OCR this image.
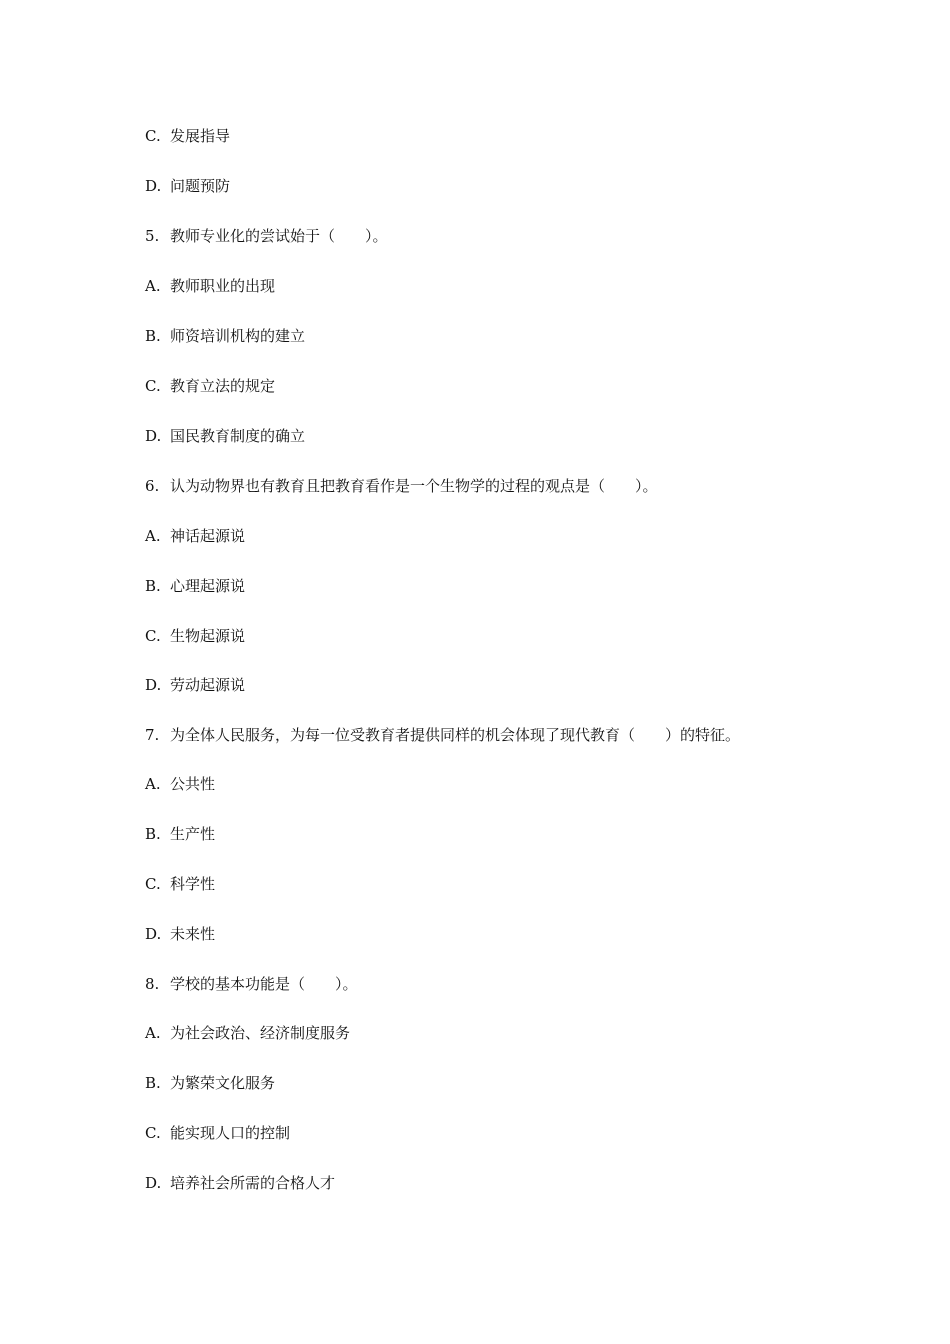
C. 发展指导
D. 问题预防
5. 教师专业化的尝试始于（　　）。
A. 教师职业的出现
B. 师资培训机构的建立
C. 教育立法的规定
D. 国民教育制度的确立
6. 认为动物界也有教育且把教育看作是一个生物学的过程的观点是（　　）。
A. 神话起源说
B. 心理起源说
C. 生物起源说
D. 劳动起源说
7. 为全体人民服务，为每一位受教育者提供同样的机会体现了现代教育（　　）的特征。
A. 公共性
B. 生产性
C. 科学性
D. 未来性
8. 学校的基本功能是（　　）。
A. 为社会政治、经济制度服务
B. 为繁荣文化服务
C. 能实现人口的控制
D. 培养社会所需的合格人才
